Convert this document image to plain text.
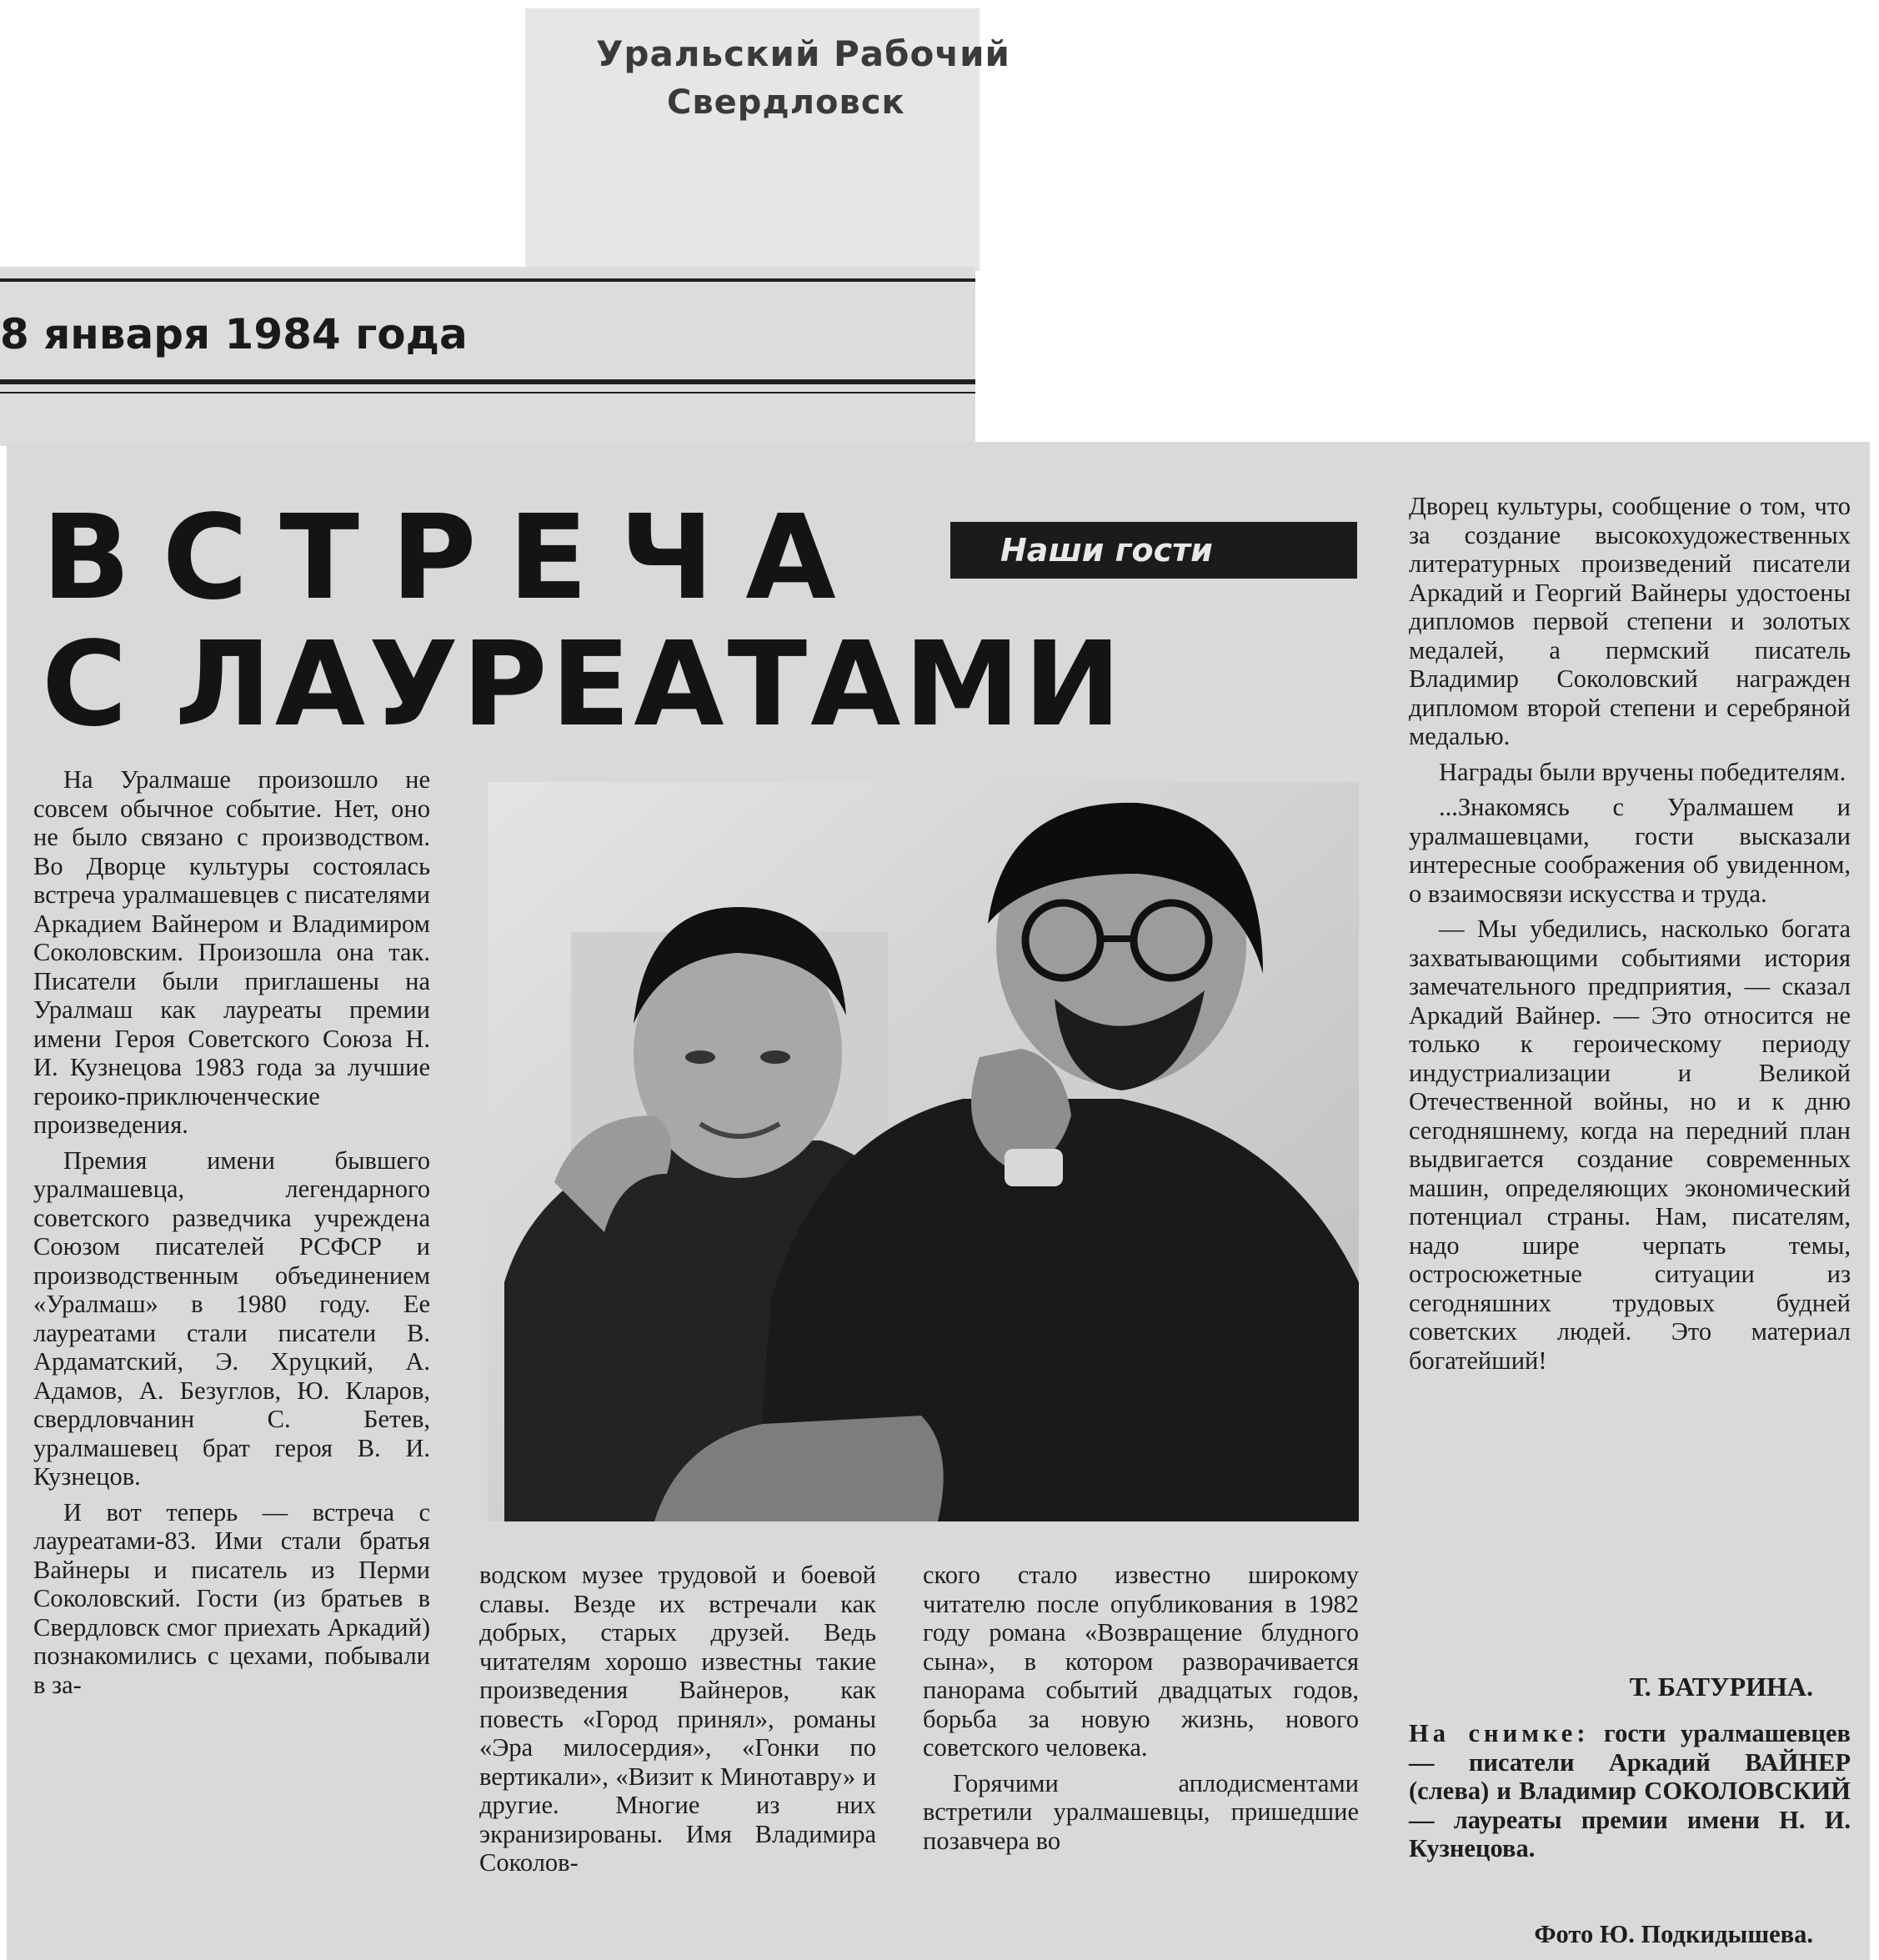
Уральский Рабочий
Свердловск
8 января 1984 года
ВСТРЕЧА
С ЛАУРЕАТАМИ
Наши гости

На Уралмаше произошло не совсем обычное событие. Нет, оно не было связано с производством. Во Дворце культуры состоялась встреча уралмашевцев с писателями Аркадием Вайнером и Владимиром Соколовским. Произошла она так. Писатели были приглашены на Уралмаш как лауреаты премии имени Героя Советского Союза Н. И. Кузнецова 1983 года за лучшие героико-приключенческие произведения.

Премия имени бывшего уралмашевца, легендарного советского разведчика учреждена Союзом писателей РСФСР и производственным объединением «Уралмаш» в 1980 году. Ее лауреатами стали писатели В. Ардаматский, Э. Хруцкий, А. Адамов, А. Безуглов, Ю. Кларов, свердловчанин С. Бетев, уралмашевец брат героя В. И. Кузнецов.

И вот теперь — встреча с лауреатами-83. Ими стали братья Вайнеры и писатель из Перми Соколовский. Гости (из братьев в Свердловск смог приехать Аркадий) познакомились с цехами, побывали в за-

водском музее трудовой и боевой славы. Везде их встречали как добрых, старых друзей. Ведь читателям хорошо известны такие произведения Вайнеров, как повесть «Город принял», романы «Эра милосердия», «Гонки по вертикали», «Визит к Минотавру» и другие. Многие из них экранизированы. Имя Владимира Соколов-

ского стало известно широкому читателю после опубликования в 1982 году романа «Возвращение блудного сына», в котором разворачивается панорама событий двадцатых годов, борьба за новую жизнь, нового советского человека.

Горячими аплодисментами встретили уралмашевцы, пришедшие позавчера во

Дворец культуры, сообщение о том, что за создание высокохудожественных литературных произведений писатели Аркадий и Георгий Вайнеры удостоены дипломов первой степени и золотых медалей, а пермский писатель Владимир Соколовский награжден дипломом второй степени и серебряной медалью.

Награды были вручены победителям.

...Знакомясь с Уралмашем и уралмашевцами, гости высказали интересные соображения об увиденном, о взаимосвязи искусства и труда.

— Мы убедились, насколько богата захватывающими событиями история замечательного предприятия, — сказал Аркадий Вайнер. — Это относится не только к героическому периоду индустриализации и Великой Отечественной войны, но и к дню сегодняшнему, когда на передний план выдвигается создание современных машин, определяющих экономический потенциал страны. Нам, писателям, надо шире черпать темы, остросюжетные ситуации из сегодняшних трудовых будней советских людей. Это материал богатейший!

Т. БАТУРИНА.
На снимке: гости уралмашевцев — писатели Аркадий ВАЙНЕР (слева) и Владимир СОКОЛОВСКИЙ — лауреаты премии имени Н. И. Кузнецова.
Фото Ю. Подкидышева.
